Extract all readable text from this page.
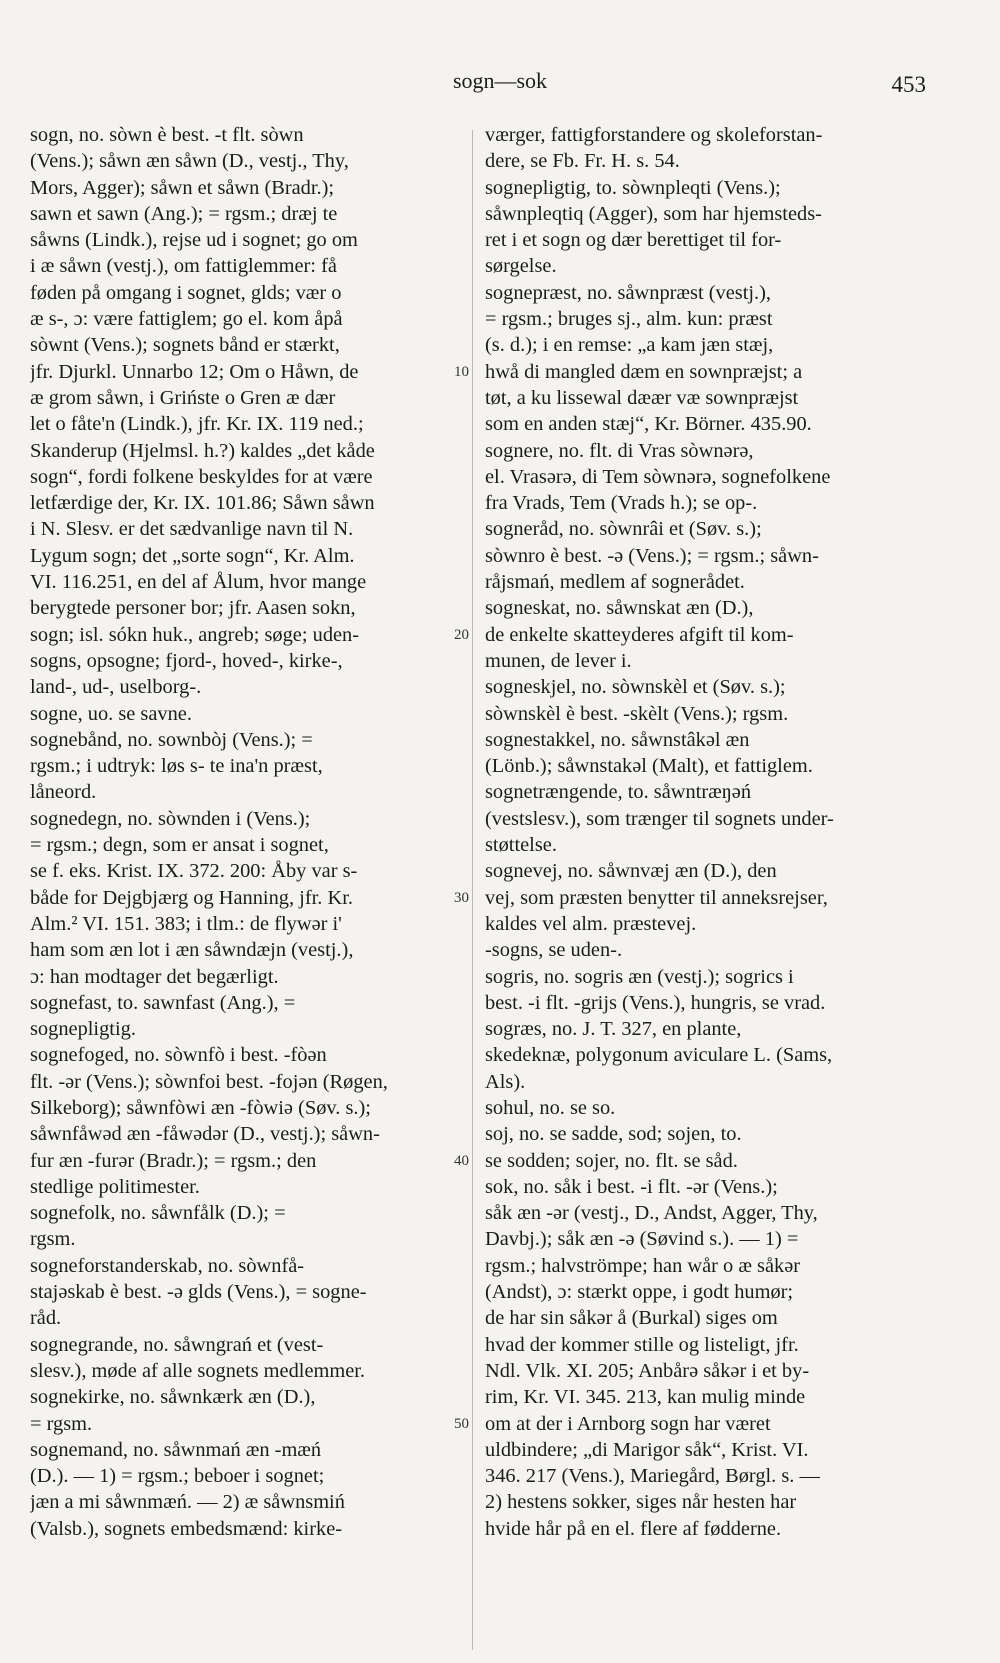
sogn—sok	453
sogn, no. sòwn è best. -t flt. sòwn
(Vens.); såwn æn såwn (D., vestj., Thy,
Mors, Agger); såwn et såwn (Bradr.);
sawn et sawn (Ang.); = rgsm.; dræj te
såwns (Lindk.), rejse ud i sognet; go om
i æ såwn (vestj.), om fattiglemmer: få
føden på omgang i sognet, glds; vær o
æ s-, ɔ: være fattiglem; go el. kom åpå
sòwnt (Vens.); sognets bånd er stærkt,
jfr. Djurkl. Unnarbo 12; Om o Håwn, de
æ grom såwn, i Grińste o Gren æ dær
let o fåte'n (Lindk.), jfr. Kr. IX. 119 ned.;
Skanderup (Hjelmsl. h.?) kaldes „det kåde
sogn“, fordi folkene beskyldes for at være
letfærdige der, Kr. IX. 101.86; Såwn såwn
i N. Slesv. er det sædvanlige navn til N.
Lygum sogn; det „sorte sogn“, Kr. Alm.
VI. 116.251, en del af Ålum, hvor mange
berygtede personer bor; jfr. Aasen sokn,
sogn; isl. sókn huk., angreb; søge; uden-
sogns, opsogne; fjord-, hoved-, kirke-,
land-, ud-, uselborg-.
sogne, uo. se savne.
sognebånd, no. sownbòj (Vens.); =
rgsm.; i udtryk: løs s- te ina'n præst,
låneord.
sognedegn, no. sòwnden i (Vens.);
= rgsm.; degn, som er ansat i sognet,
se f. eks. Krist. IX. 372. 200: Åby var s-
både for Dejgbjærg og Hanning, jfr. Kr.
Alm.² VI. 151. 383; i tlm.: de flywər i'
ham som æn lot i æn såwndæjn (vestj.),
ɔ: han modtager det begærligt.
sognefast, to. sawnfast (Ang.), =
sognepligtig.
sognefoged, no. sòwnfò i best. -fòən
flt. -ər (Vens.); sòwnfoi best. -fojən (Røgen,
Silkeborg); såwnfòwi æn -fòwiə (Søv. s.);
såwnfåwəd æn -fåwədər (D., vestj.); såwn-
fur æn -furər (Bradr.); = rgsm.; den
stedlige politimester.
sognefolk, no. såwnfålk (D.); =
rgsm.
sogneforstanderskab, no. sòwnfå-
stajəskab è best. -ə glds (Vens.), = sogne-
råd.
sognegrande, no. såwngrań et (vest-
slesv.), møde af alle sognets medlemmer.
sognekirke, no. såwnkærk æn (D.),
= rgsm.
sognemand, no. såwnmań æn -mæń
(D.). — 1) = rgsm.; beboer i sognet;
jæn a mi såwnmæń. — 2) æ såwnsmiń
(Valsb.), sognets embedsmænd: kirke-
10
20
30
40
50
værger, fattigforstandere og skoleforstan-
dere, se Fb. Fr. H. s. 54.
sognepligtig, to. sòwnpleqti (Vens.);
såwnpleqtiq (Agger), som har hjemsteds-
ret i et sogn og dær berettiget til for-
sørgelse.
sognepræst, no. såwnpræst (vestj.),
= rgsm.; bruges sj., alm. kun: præst
(s. d.); i en remse: „a kam jæn stæj,
hwå di mangled dæm en sownpræjst; a
tøt, a ku lissewal dæær væ sownpræjst
som en anden stæj“, Kr. Börner. 435.90.
sognere, no. flt. di Vras sòwnərə,
el. Vrasərə, di Tem sòwnərə, sognefolkene
fra Vrads, Tem (Vrads h.); se op-.
sogneråd, no. sòwnrâi et (Søv. s.);
sòwnro è best. -ə (Vens.); = rgsm.; såwn-
råjsmań, medlem af sognerådet.
sogneskat, no. såwnskat æn (D.),
de enkelte skatteyderes afgift til kom-
munen, de lever i.
sogneskjel, no. sòwnskèl et (Søv. s.);
sòwnskèl è best. -skèlt (Vens.); rgsm.
sognestakkel, no. såwnstâkəl æn
(Lönb.); såwnstakəl (Malt), et fattiglem.
sognetrængende, to. såwntræŋəń
(vestslesv.), som trænger til sognets under-
støttelse.
sognevej, no. såwnvæj æn (D.), den
vej, som præsten benytter til anneksrejser,
kaldes vel alm. præstevej.
-sogns, se uden-.
sogris, no. sogris æn (vestj.); sogrics i
best. -i flt. -grijs (Vens.), hungris, se vrad.
sogræs, no. J. T. 327, en plante,
skedeknæ, polygonum aviculare L. (Sams,
Als).
sohul, no. se so.
soj, no. se sadde, sod; sojen, to.
se sodden; sojer, no. flt. se såd.
sok, no. såk i best. -i flt. -ər (Vens.);
såk æn -ər (vestj., D., Andst, Agger, Thy,
Davbj.); såk æn -ə (Søvind s.). — 1) =
rgsm.; halvströmpe; han wår o æ såkər
(Andst), ɔ: stærkt oppe, i godt humør;
de har sin såkər å (Burkal) siges om
hvad der kommer stille og listeligt, jfr.
Ndl. Vlk. XI. 205; Anbårə såkər i et by-
rim, Kr. VI. 345. 213, kan mulig minde
om at der i Arnborg sogn har været
uldbindere; „di Marigor såk“, Krist. VI.
346. 217 (Vens.), Mariegård, Børgl. s. —
2) hestens sokker, siges når hesten har
hvide hår på en el. flere af fødderne.
